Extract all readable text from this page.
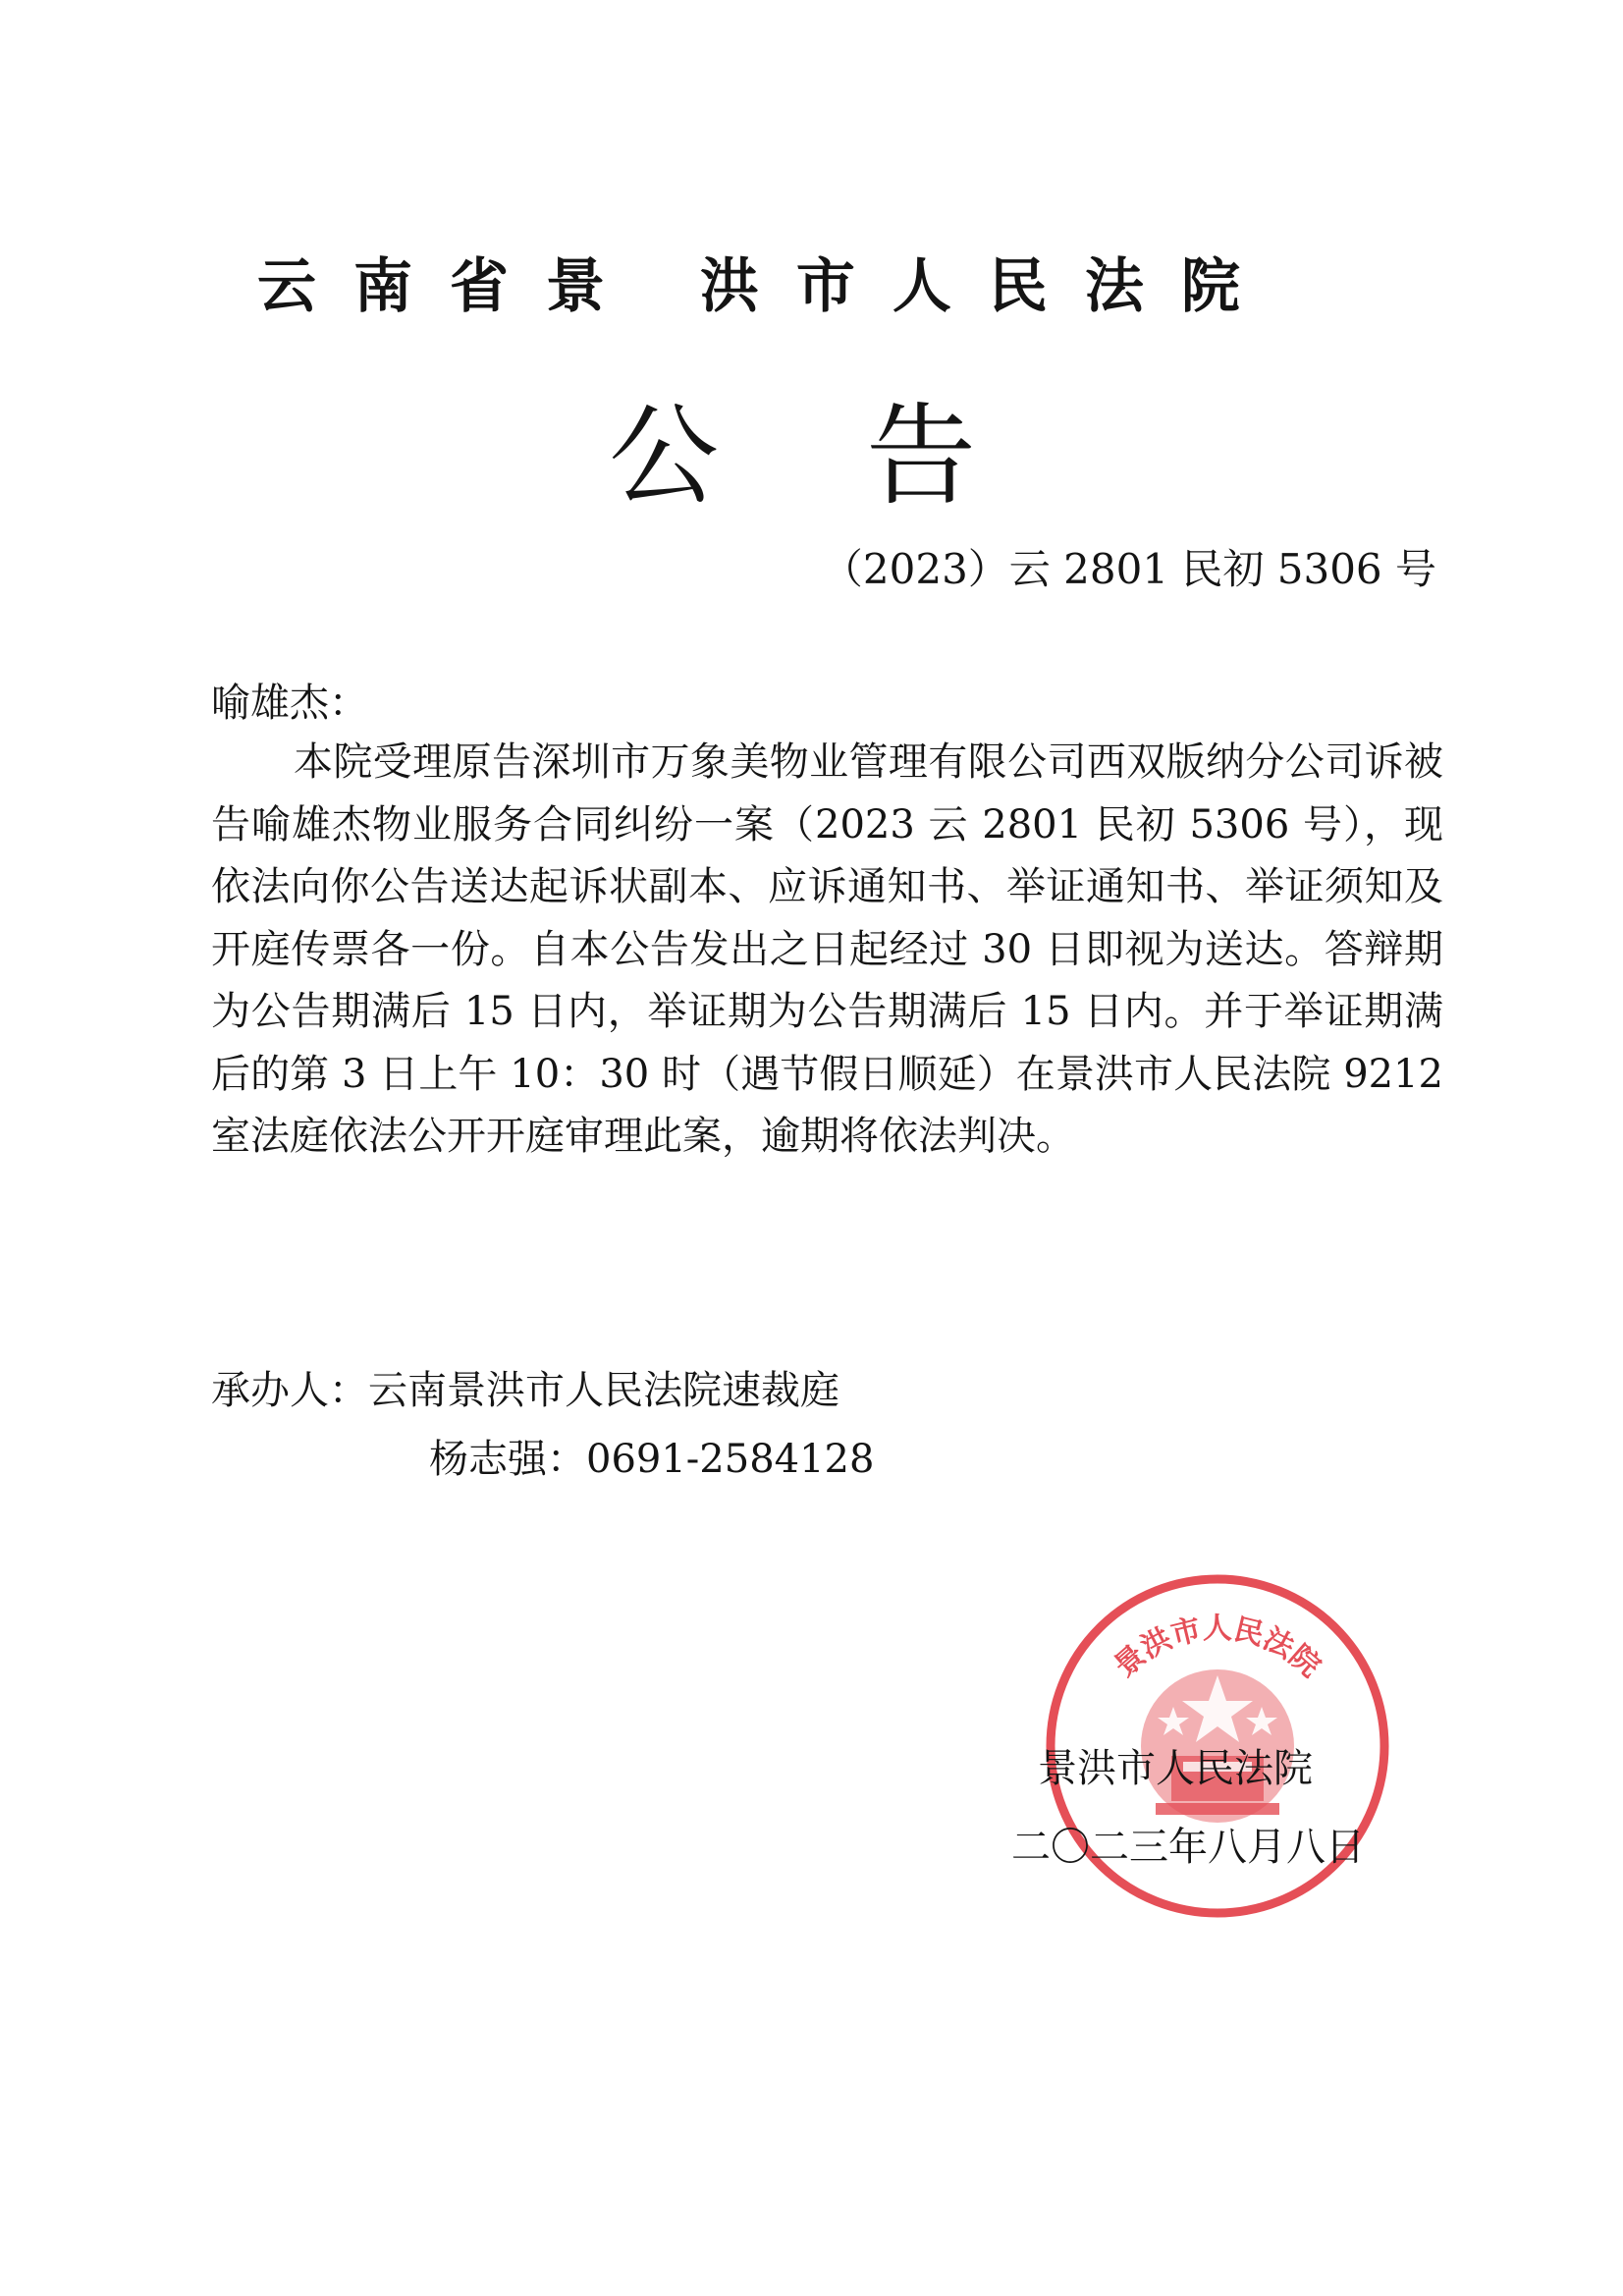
云南省景 洪市人民法院
公告
（2023）云 2801 民初 5306 号
喻雄杰：

本院受理原告深圳市万象美物业管理有限公司西双版纳分公司诉被告喻雄杰物业服务合同纠纷一案（2023 云 2801 民初 5306 号），现依法向你公告送达起诉状副本、应诉通知书、举证通知书、举证须知及开庭传票各一份。自本公告发出之日起经过 30 日即视为送达。答辩期为公告期满后 15 日内，举证期为公告期满后 15 日内。并于举证期满后的第 3 日上午 10：30 时（遇节假日顺延）在景洪市人民法院 9212 室法庭依法公开开庭审理此案，逾期将依法判决。

承办人：云南景洪市人民法院速裁庭
杨志强：0691-2584128
景洪市人民法院
景洪市人民法院
二〇二三年八月八日
